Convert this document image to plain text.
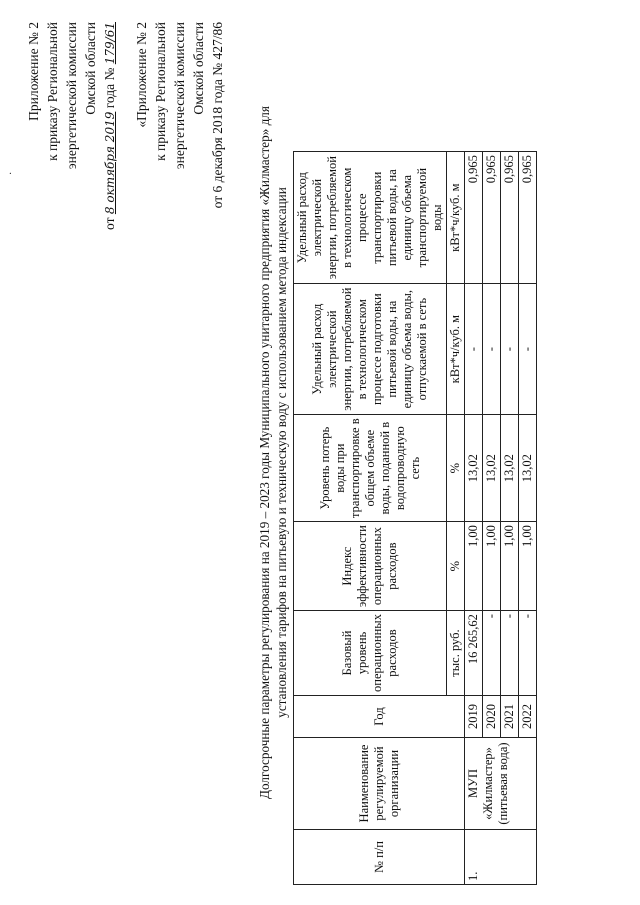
·
Приложение № 2 к приказу Региональной энергетической комиссии Омской области
от 8 октября 2019 года № 179/61 «Приложение № 2 к приказу Региональной энергетической комиссии Омской области от 6 декабря 2018 года № 427/86 Долгосрочные параметры регулирования на 2019 – 2023 годы Муниципального унитарного предприятия «Жилмастер» для установления тарифов на питьевую и техническую воду с использованием метода индексации
№ п/п	Наименование регулируемой организации	Год	Базовый уровень операционных расходов	Индекс эффективности операционных расходов	Уровень потерь воды при транспортировке в общем объеме воды, поданной в водопроводную сеть	Удельный расход электрической энергии, потребляемой в технологическом процессе подготовки питьевой воды, на единицу объема воды, отпускаемой в сеть	Удельный расход электрической энергии, потребляемой в технологическом процессе транспортировки питьевой воды, на единицу объема транспортируемой воды
			тыс. руб.	%	%	кВт*ч/куб. м	кВт*ч/куб. м
1.	МУП «Жилмастер» (питьевая вода)	2019	16 265,62	1,00	13,02	-	0,965
		2020	-	1,00	13,02	-	0,965
		2021	-	1,00	13,02	-	0,965
		2022	-	1,00	13,02	-	0,965
